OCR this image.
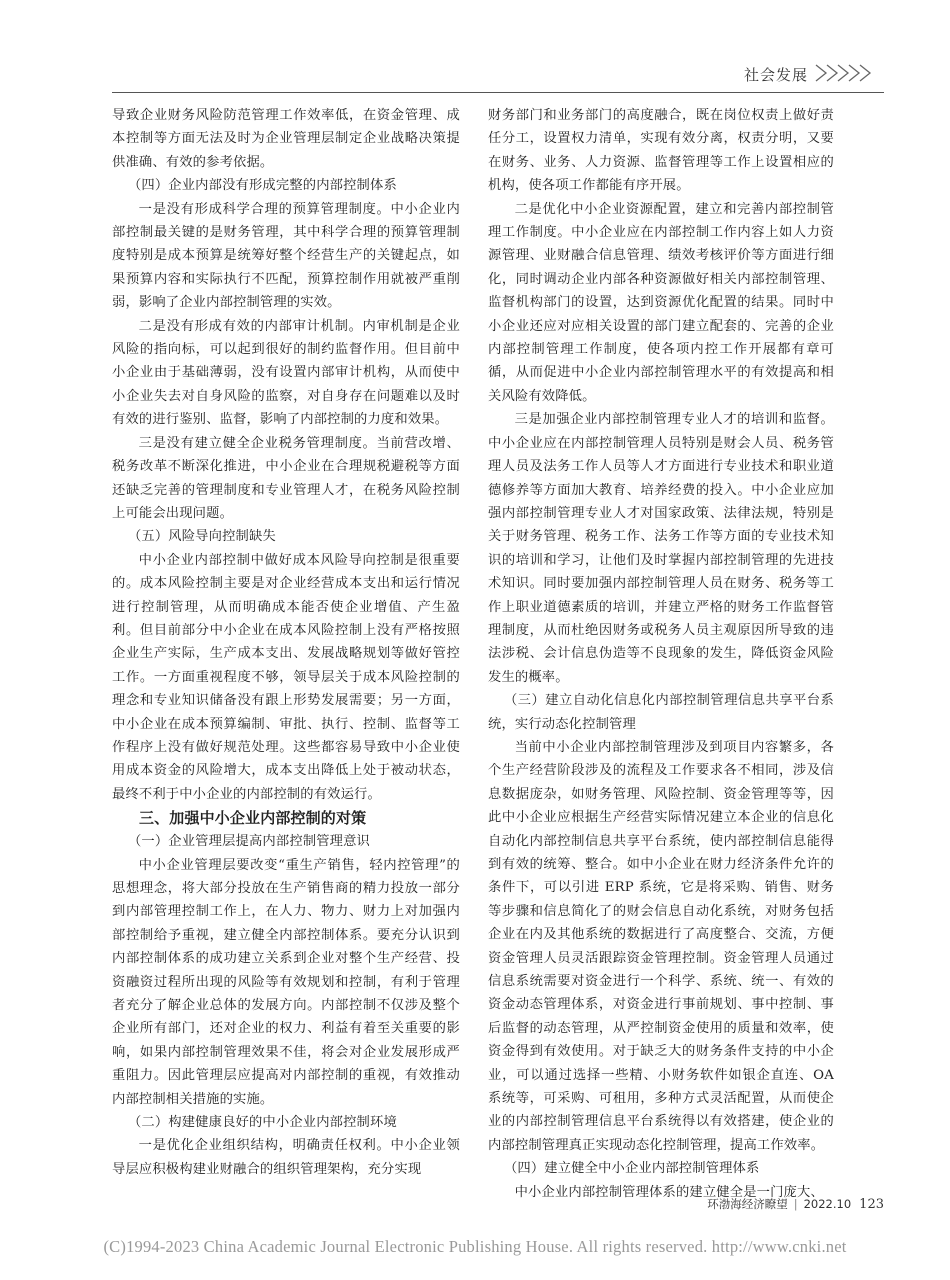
社会发展

导致企业财务风险防范管理工作效率低，在资金管理、成本控制等方面无法及时为企业管理层制定企业战略决策提供准确、有效的参考依据。

（四）企业内部没有形成完整的内部控制体系

一是没有形成科学合理的预算管理制度。中小企业内部控制最关键的是财务管理，其中科学合理的预算管理制度特别是成本预算是统筹好整个经营生产的关键起点，如果预算内容和实际执行不匹配，预算控制作用就被严重削弱，影响了企业内部控制管理的实效。

二是没有形成有效的内部审计机制。内审机制是企业风险的指向标，可以起到很好的制约监督作用。但目前中小企业由于基础薄弱，没有设置内部审计机构，从而使中小企业失去对自身风险的监察，对自身存在问题难以及时有效的进行鉴别、监督，影响了内部控制的力度和效果。

三是没有建立健全企业税务管理制度。当前营改增、税务改革不断深化推进，中小企业在合理规税避税等方面还缺乏完善的管理制度和专业管理人才，在税务风险控制上可能会出现问题。

（五）风险导向控制缺失

中小企业内部控制中做好成本风险导向控制是很重要的。成本风险控制主要是对企业经营成本支出和运行情况进行控制管理，从而明确成本能否使企业增值、产生盈利。但目前部分中小企业在成本风险控制上没有严格按照企业生产实际，生产成本支出、发展战略规划等做好管控工作。一方面重视程度不够，领导层关于成本风险控制的理念和专业知识储备没有跟上形势发展需要；另一方面，中小企业在成本预算编制、审批、执行、控制、监督等工作程序上没有做好规范处理。这些都容易导致中小企业使用成本资金的风险增大，成本支出降低上处于被动状态，最终不利于中小企业的内部控制的有效运行。

三、加强中小企业内部控制的对策

（一）企业管理层提高内部控制管理意识

中小企业管理层要改变“重生产销售，轻内控管理”的思想理念，将大部分投放在生产销售商的精力投放一部分到内部管理控制工作上，在人力、物力、财力上对加强内部控制给予重视，建立健全内部控制体系。要充分认识到内部控制体系的成功建立关系到企业对整个生产经营、投资融资过程所出现的风险等有效规划和控制，有利于管理者充分了解企业总体的发展方向。内部控制不仅涉及整个企业所有部门，还对企业的权力、利益有着至关重要的影响，如果内部控制管理效果不佳，将会对企业发展形成严重阻力。因此管理层应提高对内部控制的重视，有效推动内部控制相关措施的实施。

（二）构建健康良好的中小企业内部控制环境

一是优化企业组织结构，明确责任权利。中小企业领导层应积极构建业财融合的组织管理架构，充分实现

财务部门和业务部门的高度融合，既在岗位权责上做好责任分工，设置权力清单，实现有效分离，权责分明，又要在财务、业务、人力资源、监督管理等工作上设置相应的机构，使各项工作都能有序开展。

二是优化中小企业资源配置，建立和完善内部控制管理工作制度。中小企业应在内部控制工作内容上如人力资源管理、业财融合信息管理、绩效考核评价等方面进行细化，同时调动企业内部各种资源做好相关内部控制管理、监督机构部门的设置，达到资源优化配置的结果。同时中小企业还应对应相关设置的部门建立配套的、完善的企业内部控制管理工作制度，使各项内控工作开展都有章可循，从而促进中小企业内部控制管理水平的有效提高和相关风险有效降低。

三是加强企业内部控制管理专业人才的培训和监督。中小企业应在内部控制管理人员特别是财会人员、税务管理人员及法务工作人员等人才方面进行专业技术和职业道德修养等方面加大教育、培养经费的投入。中小企业应加强内部控制管理专业人才对国家政策、法律法规，特别是关于财务管理、税务工作、法务工作等方面的专业技术知识的培训和学习，让他们及时掌握内部控制管理的先进技术知识。同时要加强内部控制管理人员在财务、税务等工作上职业道德素质的培训，并建立严格的财务工作监督管理制度，从而杜绝因财务或税务人员主观原因所导致的违法涉税、会计信息伪造等不良现象的发生，降低资金风险发生的概率。

（三）建立自动化信息化内部控制管理信息共享平台系统，实行动态化控制管理

当前中小企业内部控制管理涉及到项目内容繁多，各个生产经营阶段涉及的流程及工作要求各不相同，涉及信息数据庞杂，如财务管理、风险控制、资金管理等等，因此中小企业应根据生产经营实际情况建立本企业的信息化自动化内部控制信息共享平台系统，使内部控制信息能得到有效的统筹、整合。如中小企业在财力经济条件允许的条件下，可以引进 ERP 系统，它是将采购、销售、财务等步骤和信息简化了的财会信息自动化系统，对财务包括企业在内及其他系统的数据进行了高度整合、交流，方便资金管理人员灵活跟踪资金管理控制。资金管理人员通过信息系统需要对资金进行一个科学、系统、统一、有效的资金动态管理体系，对资金进行事前规划、事中控制、事后监督的动态管理，从严控制资金使用的质量和效率，使资金得到有效使用。对于缺乏大的财务条件支持的中小企业，可以通过选择一些精、小财务软件如银企直连、OA 系统等，可采购、可租用，多种方式灵活配置，从而使企业的内部控制管理信息平台系统得以有效搭建，使企业的内部控制管理真正实现动态化控制管理，提高工作效率。

（四）建立健全中小企业内部控制管理体系

中小企业内部控制管理体系的建立健全是一门庞大、

环渤海经济瞭望 | 2022.10 123
(C)1994-2023 China Academic Journal Electronic Publishing House. All rights reserved. http://www.cnki.net
